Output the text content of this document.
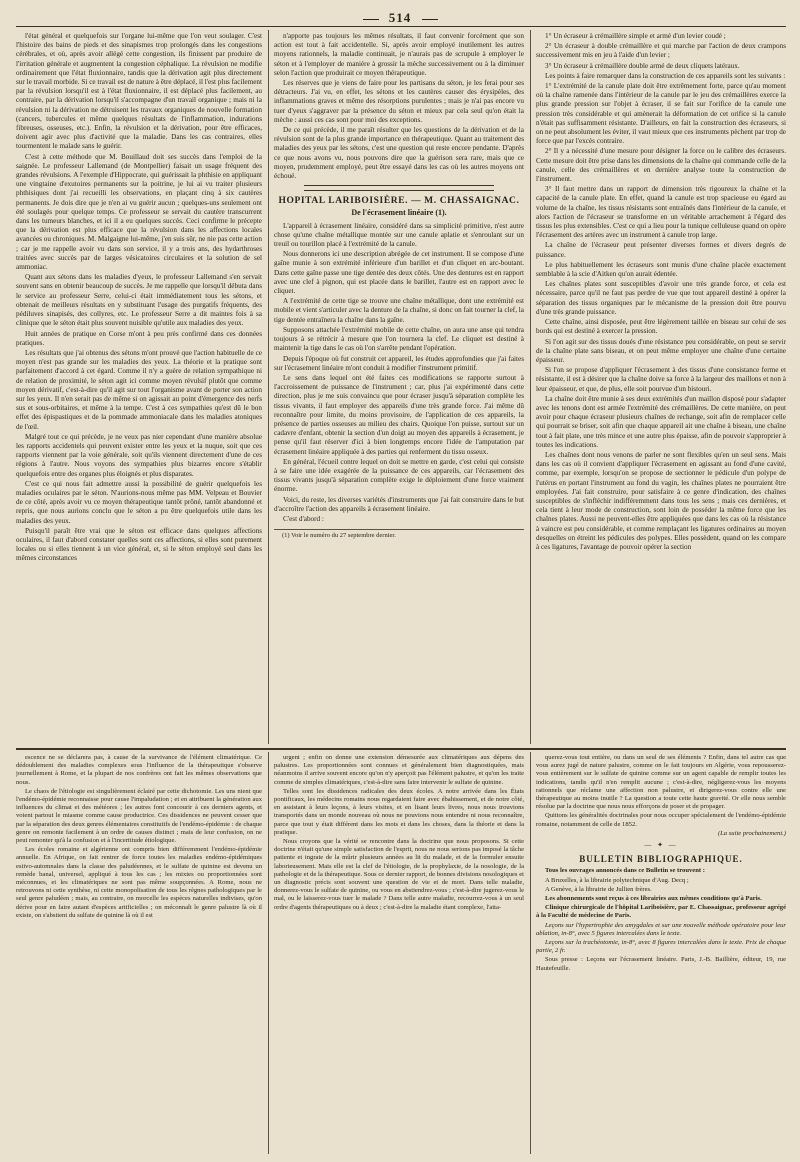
514

l'état général et quelquefois sur l'organe lui-même que l'on veut soulager. C'est l'histoire des bains de pieds et des sinapismes trop prolongés dans les congestions cérébrales, et où, après avoir allégé cette congestion, ils finissent par produire de l'irritation générale et augmentent la congestion céphalique. La révulsion ne modifie ordinairement que l'état fluxionnaire, tandis que la dérivation agit plus directement sur le travail morbide. Si ce travail est de nature à être déplacé, il l'est plus facilement par la révulsion lorsqu'il est à l'état fluxionnaire, il est déplacé plus facilement, au contraire, par la dérivation lorsqu'il s'accompagne d'un travail organique ; mais ni la révulsion ni la dérivation ne détruisent les travaux organiques de nouvelle formation (cancers, tubercules et même quelques résultats de l'inflammation, indurations fibreuses, osseuses, etc.). Enfin, la révulsion et la dérivation, pour être efficaces, doivent agir avec plus d'activité que la maladie. Dans les cas contraires, elles tourmentent le malade sans le guérir.

C'est à cette méthode que M. Bouillaud doit ses succès dans l'emploi de la saignée. Le professeur Lallemand (de Montpellier) faisait un usage fréquent des grandes révulsions. A l'exemple d'Hippocrate, qui guérissait la phthisie en appliquant une vingtaine d'exutoires permanents sur la poitrine, je lui ai vu traiter plusieurs phthisiques dont j'ai recueilli les observations, en plaçant cinq à six cautères permanents. Je dois dire que je n'en ai vu guérir aucun ; quelques-uns seulement ont été soulagés pour quelque temps. Ce professeur se servait du cautère transcurrent dans les tumeurs blanches, et ici il a eu quelques succès. Ceci confirme le précepte que la dérivation est plus efficace que la révulsion dans les affections locales avancées ou chroniques. M. Malgaigne lui-même, j'en suis sûr, ne nie pas cette action ; car je me rappelle avoir vu dans son service, il y a trois ans, des hydarthroses traitées avec succès par de larges vésicatoires circulaires et la solution de sel ammoniac.

Quant aux sétons dans les maladies d'yeux, le professeur Lallemand s'en servait souvent sans en obtenir beaucoup de succès. Je me rappelle que lorsqu'il débuta dans le service au professeur Serre, celui-ci était immédiatement tous les sétons, et obtenait de meilleurs résultats en y substituant l'usage des purgatifs fréquents, des pédiluves sinapisés, des collyres, etc. Le professeur Serre a dit maintes fois à sa clinique que le séton était plus souvent nuisible qu'utile aux maladies des yeux.

Huit années de pratique en Corse m'ont à peu près confirmé dans ces données pratiques.

Les résultats que j'ai obtenus des sétons m'ont prouvé que l'action habituelle de ce moyen n'est pas grande sur les maladies des yeux. La théorie et la pratique sont parfaitement d'accord à cet égard. Comme il n'y a guère de relation sympathique ni de relation de proximité, le séton agit ici comme moyen révulsif plutôt que comme moyen dérivatif, c'est-à-dire qu'il agit sur tout l'organisme avant de porter son action sur les yeux. Il n'en serait pas de même si on agissait au point d'émergence des nerfs sus et sous-orbitaires, et même à la tempe. C'est à ces sympathies qu'est dû le bon effet des épispastiques et de la pommade ammoniacale dans les maladies atoniques de l'œil.

Malgré tout ce qui précède, je ne veux pas nier cependant d'une manière absolue les rapports accidentels qui peuvent exister entre les yeux et la nuque, soit que ces rapports viennent par la voie générale, soit qu'ils viennent directement d'une de ces régions à l'autre. Nous voyons des sympathies plus bizarres encore s'établir quelquefois entre des organes plus éloignés et plus disparates.

C'est ce qui nous fait admettre aussi la possibilité de guérir quelquefois les maladies oculaires par le séton. N'aurions-nous même pas MM. Velpeau et Bouvier de ce côté, après avoir vu ce moyen thérapeutique tantôt prôné, tantôt abandonné et repris, que nous aurions conclu que le séton a pu être quelquefois utile dans les maladies des yeux.

Puisqu'il paraît être vrai que le séton est efficace dans quelques affections oculaires, il faut d'abord constater quelles sont ces affections, si elles sont purement locales ou si elles tiennent à un vice général, et, si le séton employé seul dans les mêmes circonstances

n'apporte pas toujours les mêmes résultats, il faut convenir forcément que son action est tout à fait accidentelle. Si, après avoir employé inutilement les autres moyens rationnels, la maladie continuait, je n'aurais pas de scrupule à employer le séton et à l'employer de manière à grossir la mèche successivement ou à la diminuer selon l'action que produirait ce moyen thérapeutique.

Les réserves que je viens de faire pour les partisans du séton, je les ferai pour ses détracteurs. J'ai vu, en effet, les sétons et les cautères causer des érysipèles, des inflammations graves et même des résorptions purulentes ; mais je n'ai pas encore vu tuer d'yeux s'aggraver par la présence du séton et mieux par cela seul qu'on était la mèche : aussi ces cas sont pour moi des exceptions.

De ce qui précède, il me paraît résulter que les questions de la dérivation et de la révulsion sont de la plus grande importance en thérapeutique. Quant au traitement des maladies des yeux par les sétons, c'est une question qui reste encore pendante. D'après ce que nous avons vu, nous pouvons dire que la guérison sera rare, mais que ce moyen, prudemment employé, peut être essayé dans les cas où les autres moyens ont échoué.

HOPITAL LARIBOISIÈRE. — M. CHASSAIGNAC.
De l'écrasement linéaire (1).

L'appareil à écrasement linéaire, considéré dans sa simplicité primitive, n'est autre chose qu'une chaîne métallique montée sur une canule aplatie et s'enroulant sur un treuil ou tourillon placé à l'extrémité de la canule.

Nous donnerons ici une description abrégée de cet instrument. Il se compose d'une gaîne munie à son extrémité inférieure d'un barillet et d'un cliquet en arc-boutant. Dans cette gaîne passe une tige dentée des deux côtés. Une des dentures est en rapport avec une clef à pignon, qui est placée dans le barillet, l'autre est en rapport avec le cliquet.

A l'extrémité de cette tige se trouve une chaîne métallique, dont une extrémité est mobile et vient s'articuler avec la denture de la chaîne, si donc on fait tourner la clef, la tige dentée entraînera la chaîne dans la gaîne.

Supposons attachée l'extrémité mobile de cette chaîne, on aura une anse qui tendra toujours à se rétrécir à mesure que l'on tournera la clef. Le cliquet est destiné à maintenir la tige dans le cas où l'on s'arrête pendant l'opération.

Depuis l'époque où fut construit cet appareil, les études approfondies que j'ai faites sur l'écrasement linéaire m'ont conduit à modifier l'instrument primitif.

Le sens dans lequel ont été faites ces modifications se rapporte surtout à l'accroissement de puissance de l'instrument ; car, plus j'ai expérimenté dans cette direction, plus je me suis convaincu que pour écraser jusqu'à séparation complète les tissus vivants, il faut employer des appareils d'une très grande force. J'ai même dû reconnaître pour limite, du moins provisoire, de l'application de ces appareils, la présence de parties osseuses au milieu des chairs. Quoique l'on puisse, surtout sur un cadavre d'enfant, obtenir la section d'un doigt au moyen des appareils à écrasement, je pense qu'il faut réserver d'ici à bien longtemps encore l'idée de l'amputation par écrasement linéaire appliquée à des parties qui renferment du tissu osseux.

En général, l'écueil contre lequel on doit se mettre en garde, c'est celui qui consiste à se faire une idée exagérée de la puissance de ces appareils, car l'écrasement des tissus vivants jusqu'à séparation complète exige le déploiement d'une force vraiment énorme.

Voici, du reste, les diverses variétés d'instruments que j'ai fait construire dans le but d'accroître l'action des appareils à écrasement linéaire.

C'est d'abord :

(1) Voir le numéro du 27 septembre dernier.

1° Un écraseur à crémaillère simple et armé d'un levier coudé ;

2° Un écraseur à double crémaillère et qui marche par l'action de deux crampons successivement mis en jeu à l'aide d'un levier ;

3° Un écraseur à crémaillère double armé de deux cliquets latéraux.

Les points à faire remarquer dans la construction de ces appareils sont les suivants :

1° L'extrémité de la canule plate doit être extrêmement forte, parce qu'au moment où la chaîne ramenée dans l'intérieur de la canule par le jeu des crémaillères exerce la plus grande pression sur l'objet à écraser, il se fait sur l'orifice de la canule une pression très considérable et qui amènerait la déformation de cet orifice si la canule n'était pas suffisamment résistante. D'ailleurs, en fait la construction des écraseurs, si on ne peut absolument les éviter, il vaut mieux que ces instruments pèchent par trop de force que par l'excès contraire.

2° Il y a nécessité d'une mesure pour désigner la force ou le calibre des écraseurs. Cette mesure doit être prise dans les dimensions de la chaîne qui commande celle de la canule, celle des crémaillères et en dernière analyse toute la construction de l'instrument.

3° Il faut mettre dans un rapport de dimension très rigoureux la chaîne et la capacité de la canule plate. En effet, quand la canule est trop spacieuse eu égard au volume de la chaîne, les tissus résistants sont entraînés dans l'intérieur de la canule, et alors l'action de l'écraseur se transforme en un véritable arrachement à l'égard des tissus les plus extensibles. C'est ce qui a lieu pour la tunique celluleuse quand on opère l'écrasement des artères avec un instrument à canule trop large.

La chaîne de l'écraseur peut présenter diverses formes et divers degrés de puissance.

Le plus habituellement les écraseurs sont munis d'une chaîne placée exactement semblable à la scie d'Aitken qu'on aurait édentée.

Les chaînes plates sont susceptibles d'avoir une très grande force, et cela est nécessaire, parce qu'il ne faut pas perdre de vue que tout appareil destiné à opérer la séparation des tissus organiques par le mécanisme de la pression doit être pourvu d'une très grande puissance.

Cette chaîne, ainsi disposée, peut être légèrement taillée en biseau sur celui de ses bords qui est destiné à exercer la pression.

Si l'on agit sur des tissus doués d'une résistance peu considérable, on peut se servir de la chaîne plate sans biseau, et on peut même employer une chaîne d'une certaine épaisseur.

Si l'on se propose d'appliquer l'écrasement à des tissus d'une consistance ferme et résistante, il est à désirer que la chaîne doive sa force à la largeur des maillons et non à leur épaisseur, et que, de plus, elle soit pourvue d'un bistouri.

La chaîne doit être munie à ses deux extrémités d'un maillon disposé pour s'adapter avec les tenons dont est armée l'extrémité des crémaillères. De cette manière, on peut avoir pour chaque écraseur plusieurs chaînes de rechange, soit afin de remplacer celle qui pourrait se briser, soit afin que chaque appareil ait une chaîne à biseau, une chaîne tout à fait plate, une très mince et une autre plus épaisse, afin de pouvoir s'approprier à toutes les indications.

Les chaînes dont nous venons de parler ne sont flexibles qu'en un seul sens. Mais dans les cas où il convient d'appliquer l'écrasement en agissant au fond d'une cavité, comme, par exemple, lorsqu'on se propose de sectionner le pédicule d'un polype de l'utérus en portant l'instrument au fond du vagin, les chaînes plates ne pourraient être employées. J'ai fait construire, pour satisfaire à ce genre d'indication, des chaînes susceptibles de s'infléchir indifféremment dans tous les sens ; mais ces dernières, et cela tient à leur mode de construction, sont loin de posséder la même force que les chaînes plates. Aussi ne peuvent-elles être appliquées que dans les cas où la résistance à vaincre est peu considérable, et comme remplaçant les ligatures ordinaires au moyen desquelles on étreint les pédicules des polypes. Elles possèdent, quand on les compare à ces ligatures, l'avantage de pouvoir opérer la section

escence ne se déclarera pas, à cause de la survivance de l'élément climatérique. Ce dédoublement des maladies complexes sous l'influence de la thérapeutique s'observe journellement à Rome, et la plupart de nos confrères ont fait les mêmes observations que nous.

Le chaos de l'étiologie est singulièrement éclairé par cette dichotomie. Les uns nient que l'endémo-épidémie reconnaisse pour cause l'impaludation ; et en attribuent la génération aux influences du climat et des météores ; les autres font concourir à ces derniers agents, et voient partout le miasme comme cause productrice. Ces dissidences ne peuvent cesser que par la séparation des deux genres élémentaires constitutifs de l'endémo-épidémie : de chaque genre on remonte facilement à un ordre de causes distinct ; mais de leur confusion, on ne peut remonter qu'à la confusion et à l'incertitude étiologique.

Les écoles romaine et algérienne ont compris bien différemment l'endémo-épidémie annuelle. En Afrique, on fait rentrer de force toutes les maladies endémo-épidémiques estivo-automnales dans la classe des paludéennes, et le sulfate de quinine est devenu un remède banal, universel, appliqué à tous les cas ; les mixtes ou proportionnées sont méconnues, et les climatériques ne sont pas même soupçonnées. A Rome, nous ne retrouvons ni cette synthèse, ni cette monopolisation de tous les règnes pathologiques par le seul genre paludéen ; mais, au contraire, on morcelle les espèces naturelles indivises, qu'on dérive pour en faire autant d'espèces artificielles ; on méconnaît le genre palustre là où il existe, on s'abstient du sulfate de quinine là où il est

urgent ; enfin on donne une extension démesurée aux climatériques aux dépens des palustres. Les proportionnées sont connues et généralement bien diagnostiquées, mais néanmoins il arrive souvent encore qu'on n'y aperçoit pas l'élément palustre, et qu'on les traite comme de simples climatériques, c'est-à-dire sans faire intervenir le sulfate de quinine.

Telles sont les dissidences radicales des deux écoles. A notre arrivée dans les États pontificaux, les médecins romains nous regardaient faire avec ébahissement, et de notre côté, en assistant à leurs leçons, à leurs visites, et en lisant leurs livres, nous nous trouvions transportés dans un monde nouveau où nous ne pouvions nous entendre ni nous reconnaître, parce que tout y était différent dans les mots et dans les choses, dans la théorie et dans la pratique.

Nous croyons que la vérité se rencontre dans la doctrine que nous proposons. Si cette doctrine n'était qu'une simple satisfaction de l'esprit, nous ne nous serions pas imposé la tâche patiente et ingrate de la mûrir plusieurs années au lit du malade, et de la formuler ensuite laborieusement. Mais elle est la clef de l'étiologie, de la prophylaxie, de la nosologie, de la pathologie et de la thérapeutique. Sous ce dernier rapport, de bonnes divisions nosologiques et un diagnostic précis sont souvent une question de vie et de mort. Dans telle maladie, donnerez-vous le sulfate de quinine, ou vous en abstiendrez-vous ; c'est-à-dire jugerez-vous le mal, ou le laisserez-vous tuer le malade ? Dans telle autre maladie, recourrez-vous à un seul ordre d'agents thérapeutiques ou à deux ; c'est-à-dire la maladie étant complexe, l'atta-

querez-vous tout entière, ou dans un seul de ses éléments ? Enfin, dans tel autre cas que vous aurez jugé de nature palustre, comme on le fait toujours en Algérie, vous repousserez-vous entièrement sur le sulfate de quinine comme sur un agent capable de remplir toutes les indications, tandis qu'il n'en remplit aucune ; c'est-à-dire, négligerez-vous les moyens rationnels que réclame une affection non palustre, et dirigerez-vous contre elle une thérapeutique au moins inutile ? La question a toute cette haute gravité. Or elle nous semble résolue par la doctrine que nous nous efforçons de poser et de propager.

Quittons les généralités doctrinales pour nous occuper spécialement de l'endémo-épidémie romaine, notamment de celle de 1852.

(La suite prochainement.)
— ✦ —
BULLETIN BIBLIOGRAPHIQUE.

Tous les ouvrages annoncés dans ce Bulletin se trouvent :

A Bruxelles, à la librairie polytechnique d'Aug. Decq ;

A Genève, à la librairie de Jullien frères.

Les abonnements sont reçus à ces librairies aux mêmes conditions qu'à Paris.

Clinique chirurgicale de l'hôpital Lariboisière, par E. Chassaignac, professeur agrégé à la Faculté de médecine de Paris.

Leçons sur l'hypertrophie des amygdales et sur une nouvelle méthode opératoire pour leur ablation, in-8°, avec 5 figures intercalées dans le texte.

Leçons sur la trachéotomie, in-8°, avec 8 figures intercalées dans le texte. Prix de chaque partie, 2 fr.

Sous presse : Leçons sur l'écrasement linéaire. Paris, J.-B. Baillière, éditeur, 19, rue Hautefeuille.
